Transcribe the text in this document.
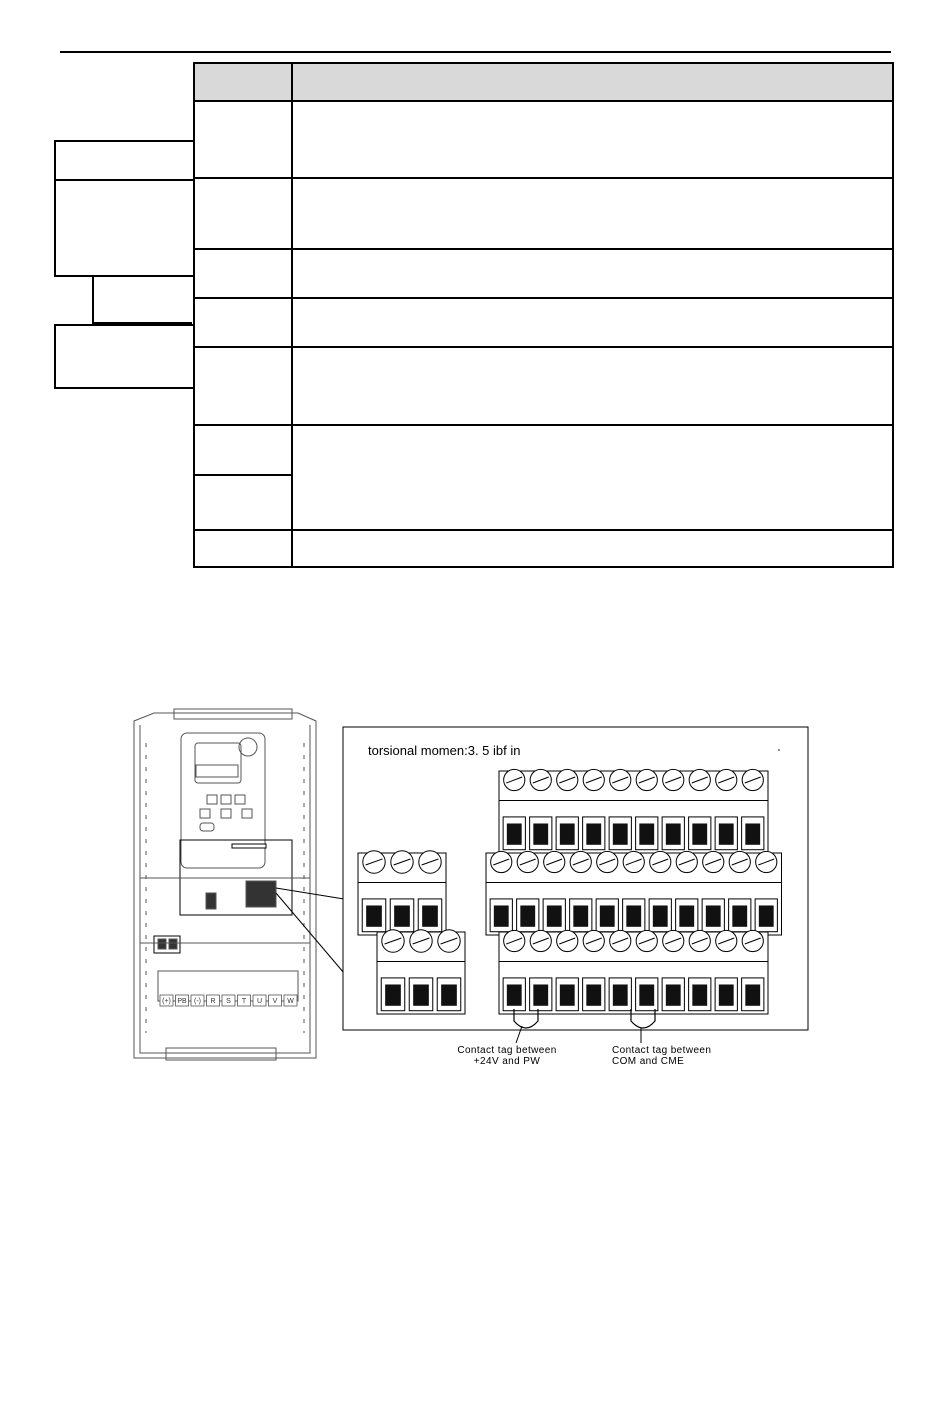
(+) PB (-) R S T U V W
torsional momen:3. 5 ibf in
Contact tag between
+24V and PW
Contact tag between
COM and CME
